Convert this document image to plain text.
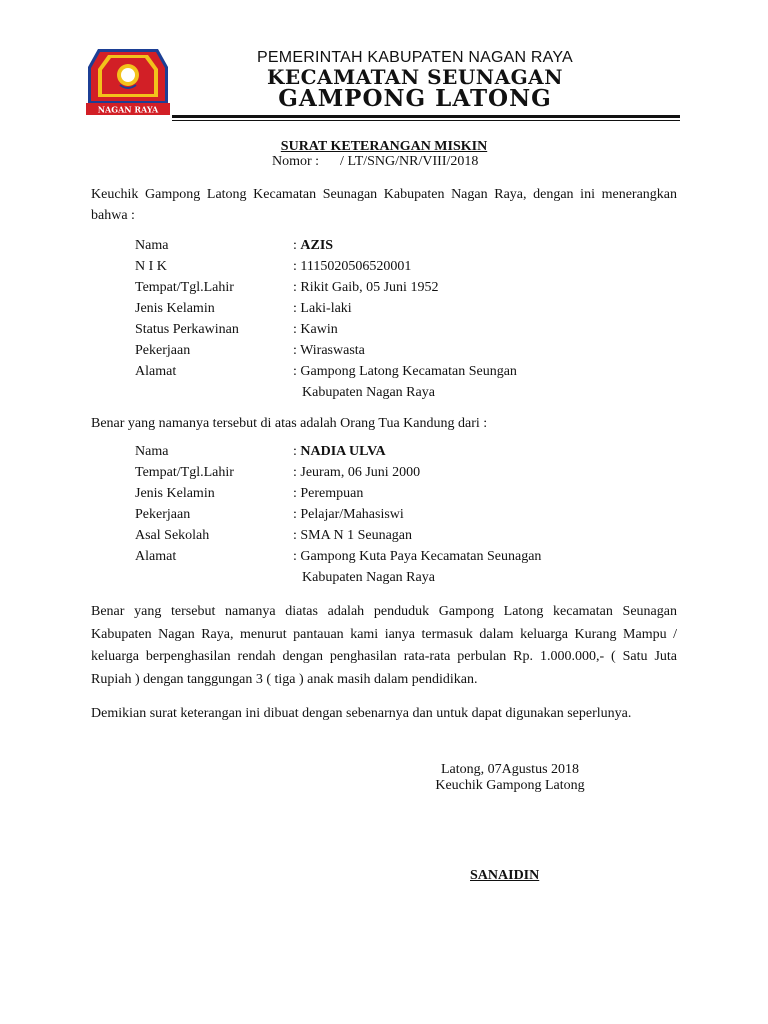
NAGAN RAYA
PEMERINTAH KABUPATEN NAGAN RAYA
KECAMATAN SEUNAGAN
GAMPONG LATONG
SURAT KETERANGAN MISKIN
Nomor :      / LT/SNG/NR/VIII/2018
Keuchik Gampong Latong Kecamatan Seunagan Kabupaten Nagan Raya, dengan ini menerangkan bahwa :
Nama	: AZIS
N I K	: 1115020506520001
Tempat/Tgl.Lahir	: Rikit Gaib, 05 Juni 1952
Jenis Kelamin	: Laki-laki
Status Perkawinan	: Kawin
Pekerjaan	: Wiraswasta
Alamat	: Gampong Latong Kecamatan Seungan
Kabupaten Nagan Raya
Benar yang namanya tersebut di atas adalah Orang Tua Kandung dari :
Nama	: NADIA ULVA
Tempat/Tgl.Lahir	: Jeuram, 06 Juni 2000
Jenis Kelamin	: Perempuan
Pekerjaan	: Pelajar/Mahasiswi
Asal Sekolah	: SMA N 1 Seunagan
Alamat	: Gampong Kuta Paya Kecamatan Seunagan
Kabupaten Nagan Raya
Benar yang tersebut namanya diatas adalah penduduk Gampong Latong kecamatan Seunagan Kabupaten Nagan Raya, menurut pantauan kami ianya termasuk dalam keluarga Kurang Mampu / keluarga berpenghasilan rendah dengan penghasilan rata-rata perbulan Rp. 1.000.000,- ( Satu Juta Rupiah ) dengan tanggungan 3 ( tiga ) anak masih dalam pendidikan.
Demikian surat keterangan ini dibuat dengan sebenarnya dan untuk dapat digunakan seperlunya.
Latong, 07Agustus 2018
Keuchik Gampong Latong
SANAIDIN
